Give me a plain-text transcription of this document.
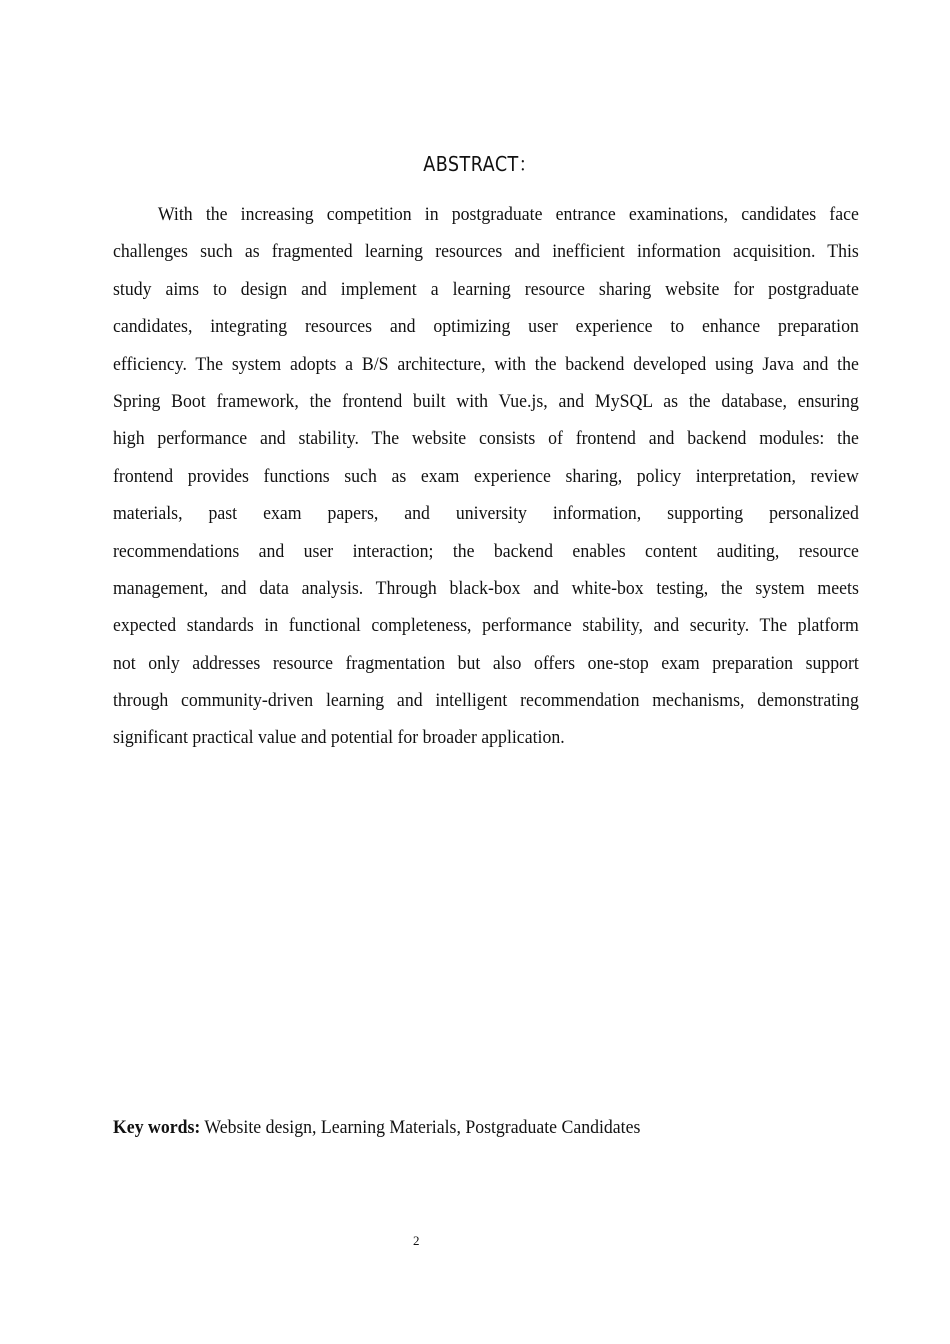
ABSTRACT：
With the increasing competition in postgraduate entrance examinations, candidates face
challenges such as fragmented learning resources and inefficient information acquisition. This
study aims to design and implement a learning resource sharing website for postgraduate
candidates, integrating resources and optimizing user experience to enhance preparation
efficiency. The system adopts a B/S architecture, with the backend developed using Java and the
Spring Boot framework, the frontend built with Vue.js, and MySQL as the database, ensuring
high performance and stability. The website consists of frontend and backend modules: the
frontend provides functions such as exam experience sharing, policy interpretation, review
materials, past exam papers, and university information, supporting personalized
recommendations and user interaction; the backend enables content auditing, resource
management, and data analysis. Through black-box and white-box testing, the system meets
expected standards in functional completeness, performance stability, and security. The platform
not only addresses resource fragmentation but also offers one-stop exam preparation support
through community-driven learning and intelligent recommendation mechanisms, demonstrating
significant practical value and potential for broader application.
Key words: Website design, Learning Materials, Postgraduate Candidates
2
